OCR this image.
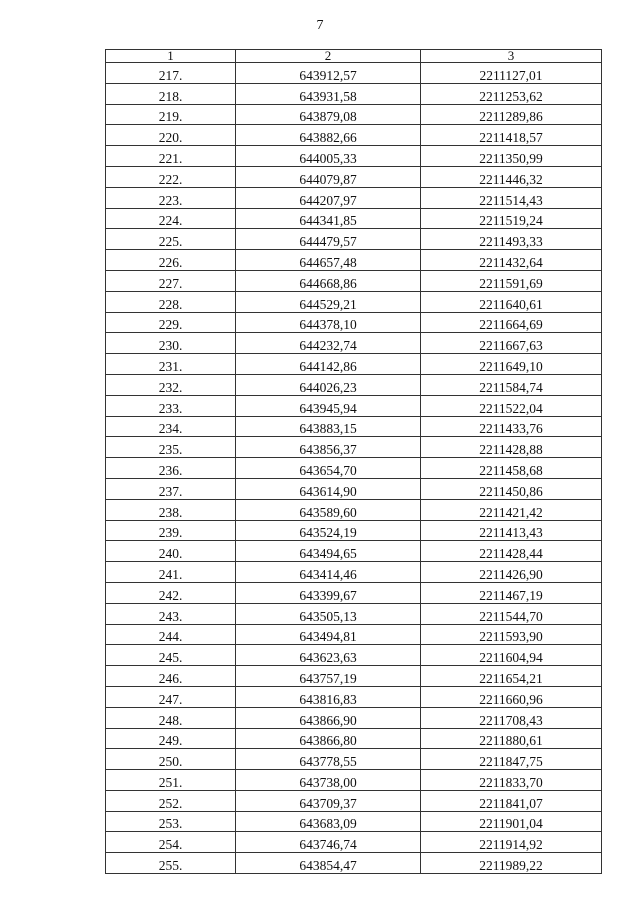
7
1	2	3
217.	643912,57	2211127,01
218.	643931,58	2211253,62
219.	643879,08	2211289,86
220.	643882,66	2211418,57
221.	644005,33	2211350,99
222.	644079,87	2211446,32
223.	644207,97	2211514,43
224.	644341,85	2211519,24
225.	644479,57	2211493,33
226.	644657,48	2211432,64
227.	644668,86	2211591,69
228.	644529,21	2211640,61
229.	644378,10	2211664,69
230.	644232,74	2211667,63
231.	644142,86	2211649,10
232.	644026,23	2211584,74
233.	643945,94	2211522,04
234.	643883,15	2211433,76
235.	643856,37	2211428,88
236.	643654,70	2211458,68
237.	643614,90	2211450,86
238.	643589,60	2211421,42
239.	643524,19	2211413,43
240.	643494,65	2211428,44
241.	643414,46	2211426,90
242.	643399,67	2211467,19
243.	643505,13	2211544,70
244.	643494,81	2211593,90
245.	643623,63	2211604,94
246.	643757,19	2211654,21
247.	643816,83	2211660,96
248.	643866,90	2211708,43
249.	643866,80	2211880,61
250.	643778,55	2211847,75
251.	643738,00	2211833,70
252.	643709,37	2211841,07
253.	643683,09	2211901,04
254.	643746,74	2211914,92
255.	643854,47	2211989,22
